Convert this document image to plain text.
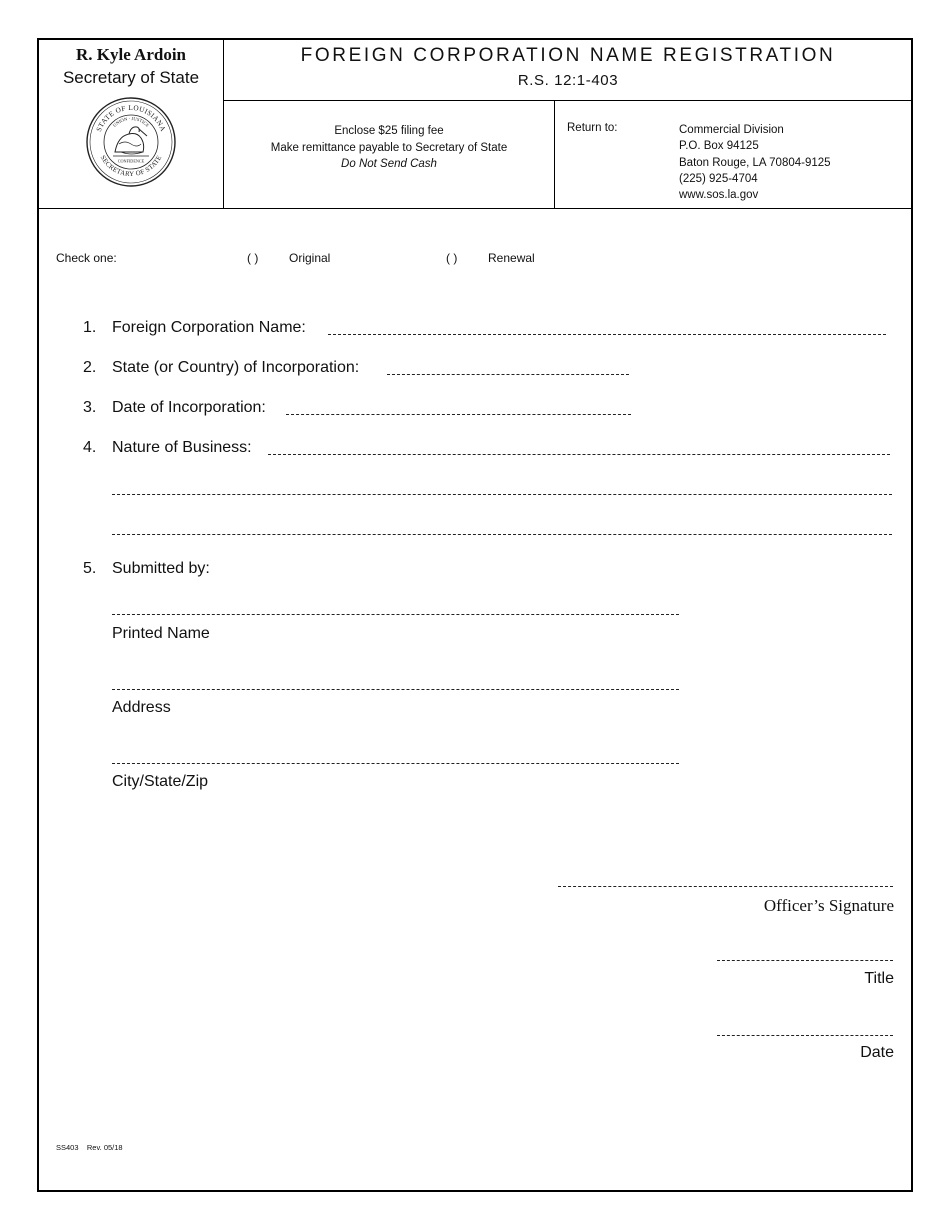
R. Kyle Ardoin
Secretary of State
STATE OF LOUISIANA
SECRETARY OF STATE
UNION · JUSTICE
CONFIDENCE
FOREIGN CORPORATION NAME REGISTRATION
R.S. 12:1-403
Enclose $25 filing fee
Make remittance payable to Secretary of State
Do Not Send Cash
Return to:	Commercial Division
P.O. Box 94125
Baton Rouge, LA 70804-9125
(225) 925-4704
www.sos.la.gov
Check one:	( )	Original	( )	Renewal
1. Foreign Corporation Name:
2. State (or Country) of Incorporation:
3. Date of Incorporation:
4. Nature of Business:
5. Submitted by:
Printed Name
Address
City/State/Zip
Officer’s Signature
Title
Date
SS403 Rev. 05/18
